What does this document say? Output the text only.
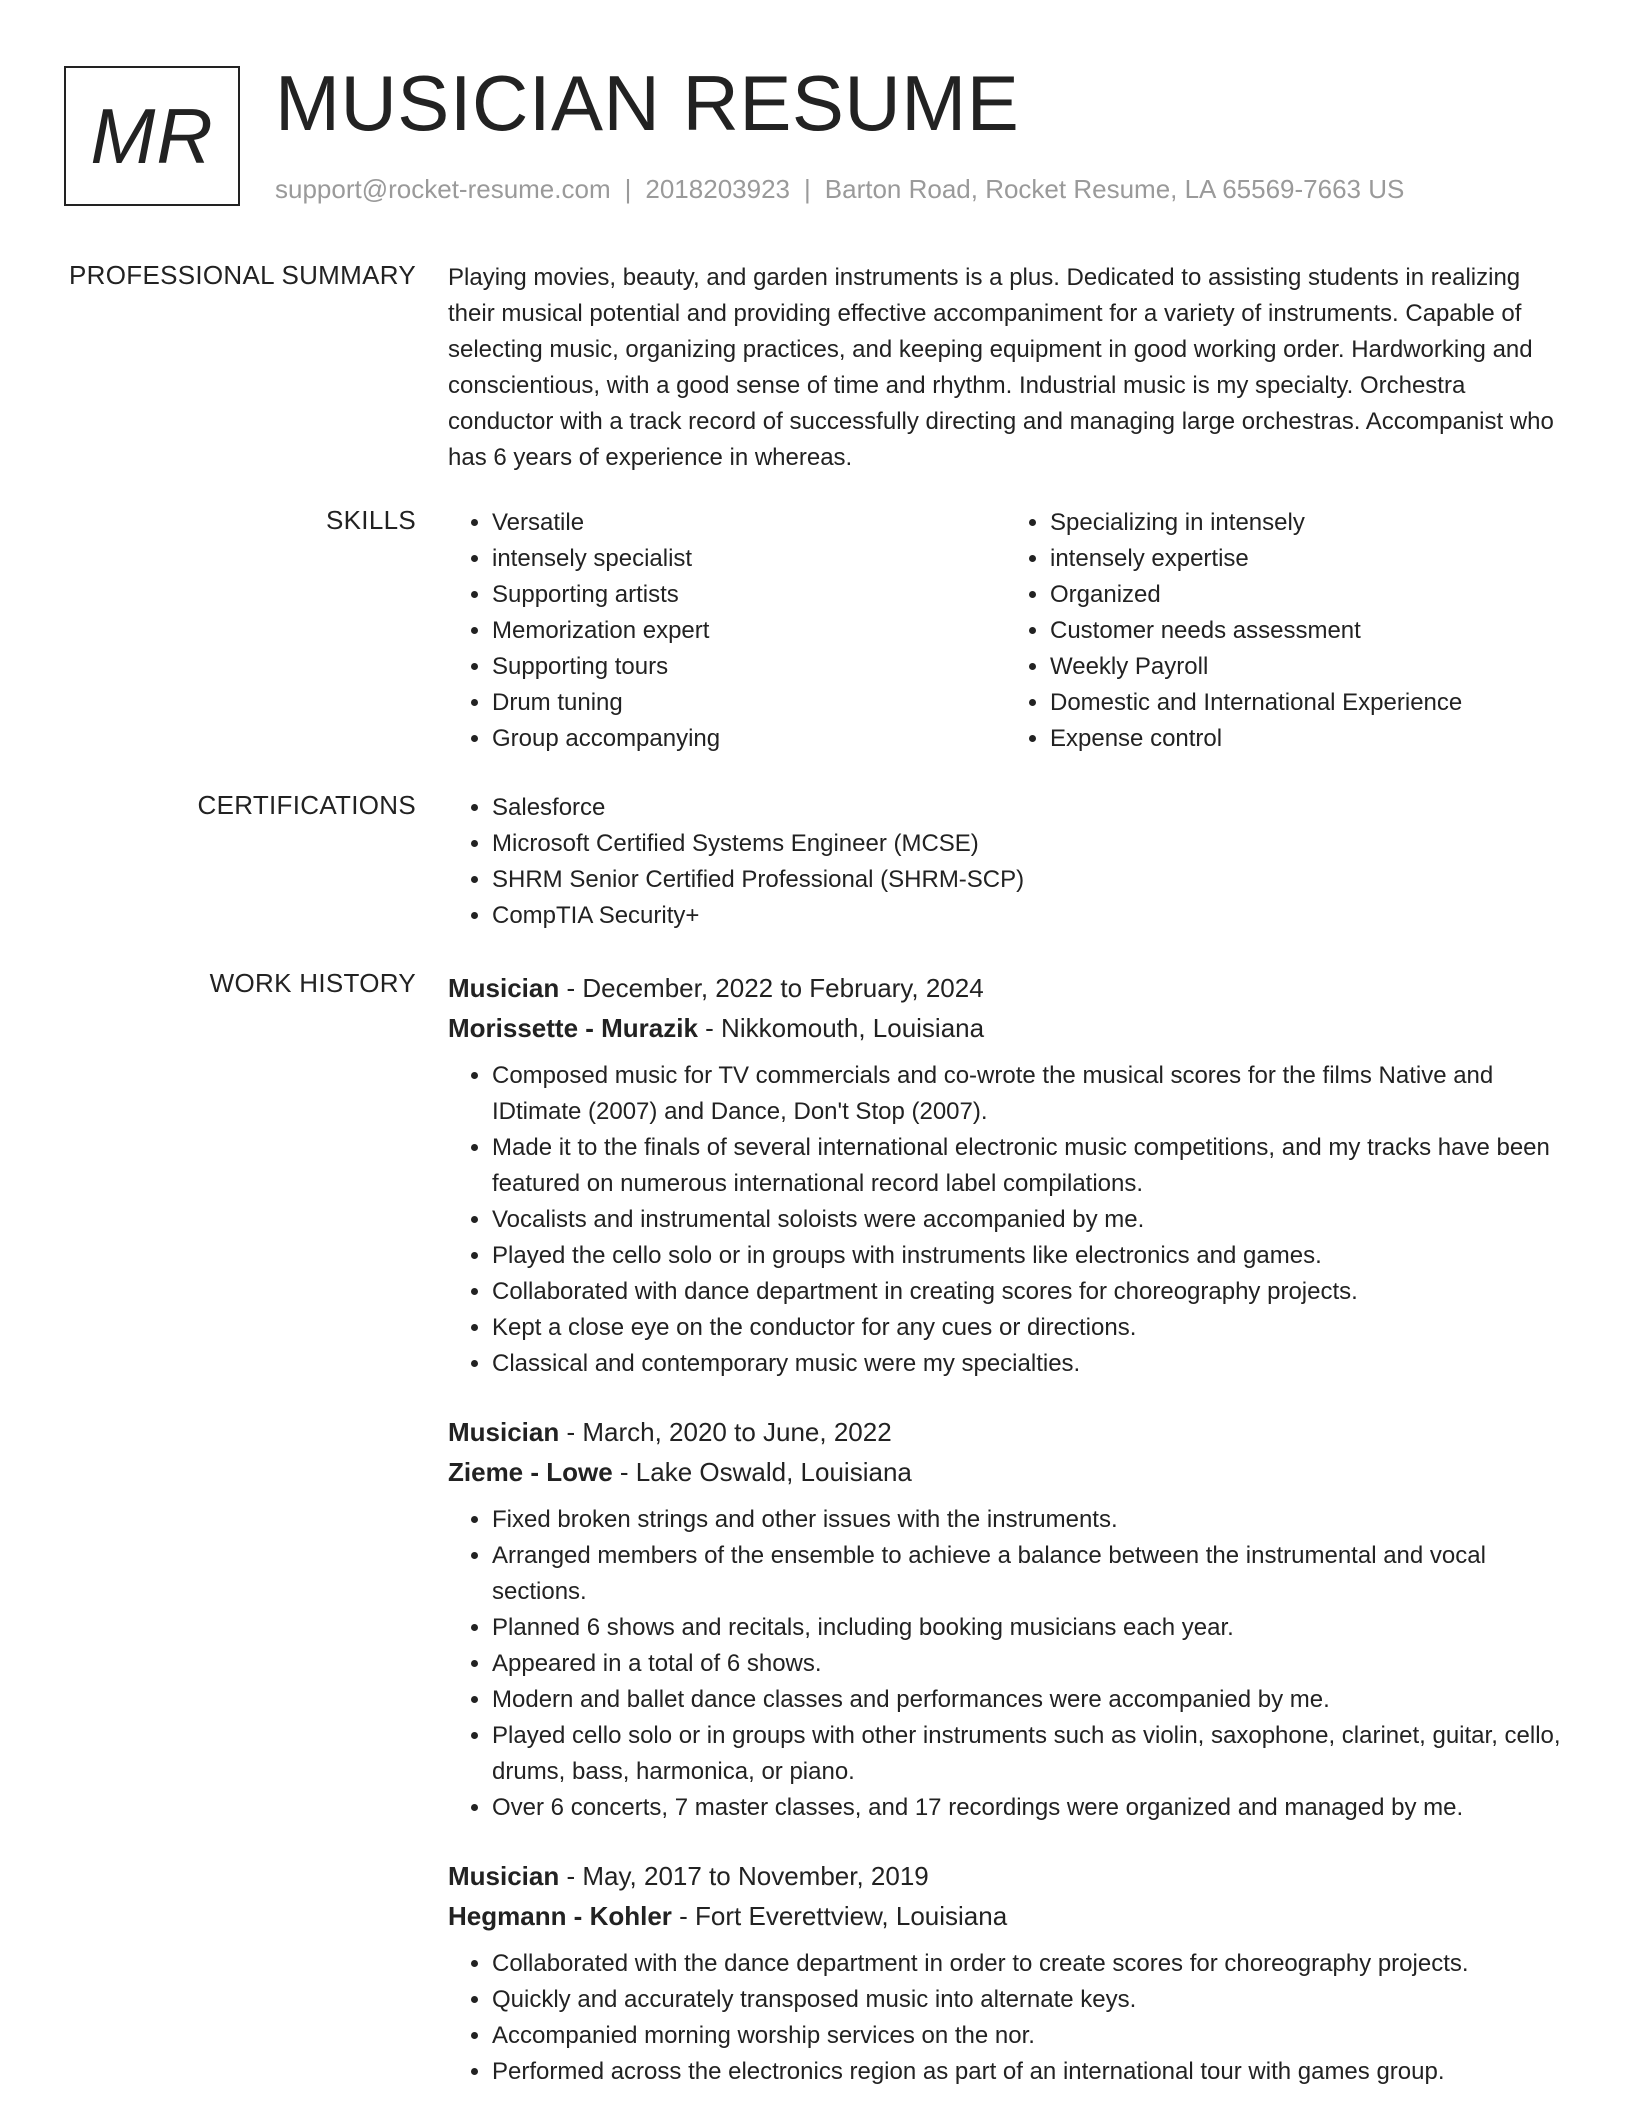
MR MUSICIAN RESUME
support@rocket-resume.com | 2018203923 | Barton Road, Rocket Resume, LA 65569-7663 US
PROFESSIONAL SUMMARY Playing movies, beauty, and garden instruments is a plus. Dedicated to assisting students in realizing their musical potential and providing effective accompaniment for a variety of instruments. Capable of selecting music, organizing practices, and keeping equipment in good working order. Hardworking and conscientious, with a good sense of time and rhythm. Industrial music is my specialty. Orchestra conductor with a track record of successfully directing and managing large orchestras. Accompanist who has 6 years of experience in whereas.

SKILLS	• Versatile
• intensely specialist
• Supporting artists
• Memorization expert
• Supporting tours
• Drum tuning
• Group accompanying
• Specializing in intensely
• intensely expertise
• Organized
• Customer needs assessment
• Weekly Payroll
• Domestic and International Experience
• Expense control
CERTIFICATIONS	• Salesforce
• Microsoft Certified Systems Engineer (MCSE)
• SHRM Senior Certified Professional (SHRM-SCP)
• CompTIA Security+
WORK HISTORY Musician - December, 2022 to February, 2024
Morissette - Murazik - Nikkomouth, Louisiana
• Composed music for TV commercials and co-wrote the musical scores for the films Native and IDtimate (2007) and Dance, Don't Stop (2007).
• Made it to the finals of several international electronic music competitions, and my tracks have been featured on numerous international record label compilations.
• Vocalists and instrumental soloists were accompanied by me.
• Played the cello solo or in groups with instruments like electronics and games.
• Collaborated with dance department in creating scores for choreography projects.
• Kept a close eye on the conductor for any cues or directions.
• Classical and contemporary music were my specialties.
Musician - March, 2020 to June, 2022
Zieme - Lowe - Lake Oswald, Louisiana
• Fixed broken strings and other issues with the instruments.
• Arranged members of the ensemble to achieve a balance between the instrumental and vocal sections.
• Planned 6 shows and recitals, including booking musicians each year.
• Appeared in a total of 6 shows.
• Modern and ballet dance classes and performances were accompanied by me.
• Played cello solo or in groups with other instruments such as violin, saxophone, clarinet, guitar, cello, drums, bass, harmonica, or piano.
• Over 6 concerts, 7 master classes, and 17 recordings were organized and managed by me.
Musician - May, 2017 to November, 2019
Hegmann - Kohler - Fort Everettview, Louisiana
• Collaborated with the dance department in order to create scores for choreography projects.
• Quickly and accurately transposed music into alternate keys.
• Accompanied morning worship services on the nor.
• Performed across the electronics region as part of an international tour with games group.
